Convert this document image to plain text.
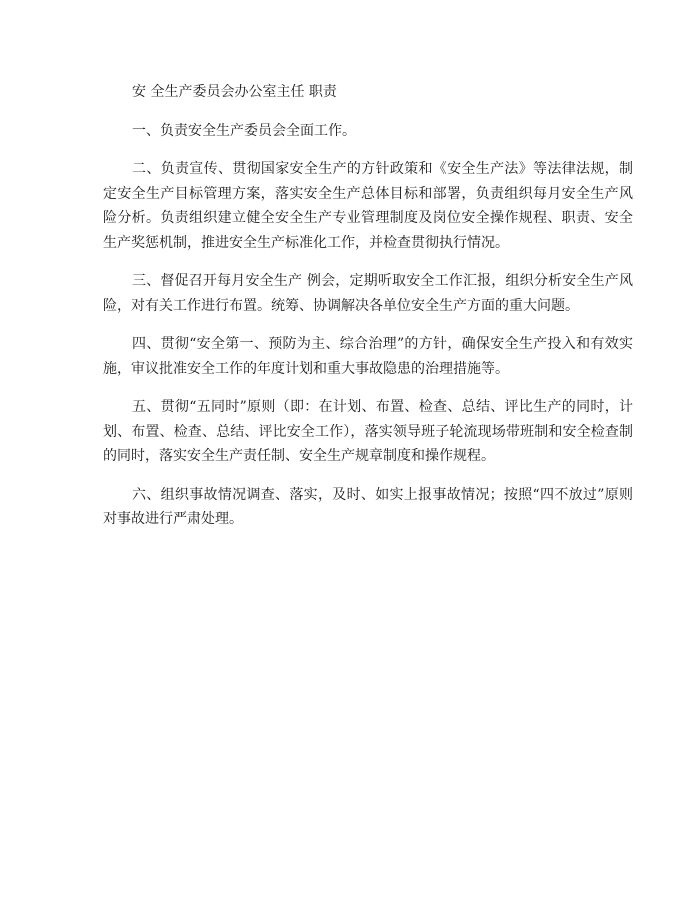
安 全生产委员会办公室主任 职责

一、负责安全生产委员会全面工作。

二、负责宣传、贯彻国家安全生产的方针政策和《安全生产法》等法律法规，制定安全生产目标管理方案，落实安全生产总体目标和部署，负责组织每月安全生产风险分析。负责组织建立健全安全生产专业管理制度及岗位安全操作规程、职责、安全生产奖惩机制，推进安全生产标准化工作，并检查贯彻执行情况。

三、督促召开每月安全生产 例会，定期听取安全工作汇报，组织分析安全生产风险，对有关工作进行布置。统筹、协调解决各单位安全生产方面的重大问题。

四、贯彻“安全第一、预防为主、综合治理”的方针，确保安全生产投入和有效实施，审议批准安全工作的年度计划和重大事故隐患的治理措施等。

五、贯彻“五同时”原则（即：在计划、布置、检查、总结、评比生产的同时，计划、布置、检查、总结、评比安全工作），落实领导班子轮流现场带班制和安全检查制的同时，落实安全生产责任制、安全生产规章制度和操作规程。

六、组织事故情况调查、落实，及时、如实上报事故情况；按照“四不放过”原则对事故进行严肃处理。
